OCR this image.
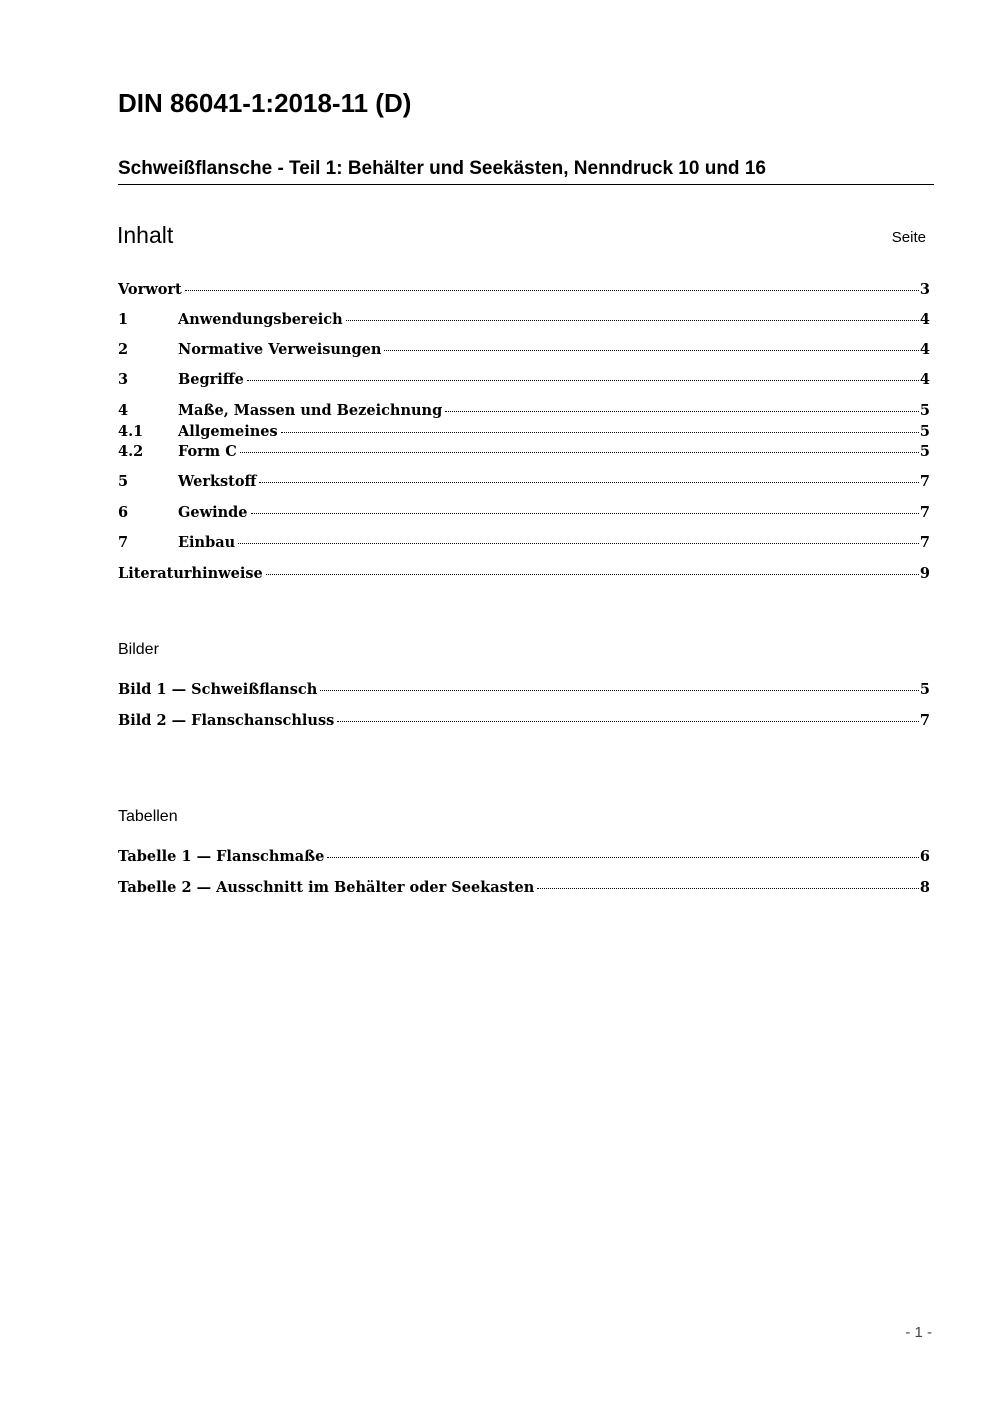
DIN 86041-1:2018-11 (D)
Schweißflansche - Teil 1: Behälter und Seekästen, Nenndruck 10 und 16
Inhalt	Seite
Vorwort	3
1	Anwendungsbereich	4
2	Normative Verweisungen	4
3	Begriffe	4
4	Maße, Massen und Bezeichnung	5
4.1	Allgemeines	5
4.2	Form C	5
5	Werkstoff	7
6	Gewinde	7
7	Einbau	7
Literaturhinweise	9
Bild 1 — Schweißflansch	5
Bild 2 — Flanschanschluss	7
Tabelle 1 — Flanschmaße	6
Tabelle 2 — Ausschnitt im Behälter oder Seekasten	8
Bilder
Tabellen
- 1 -
